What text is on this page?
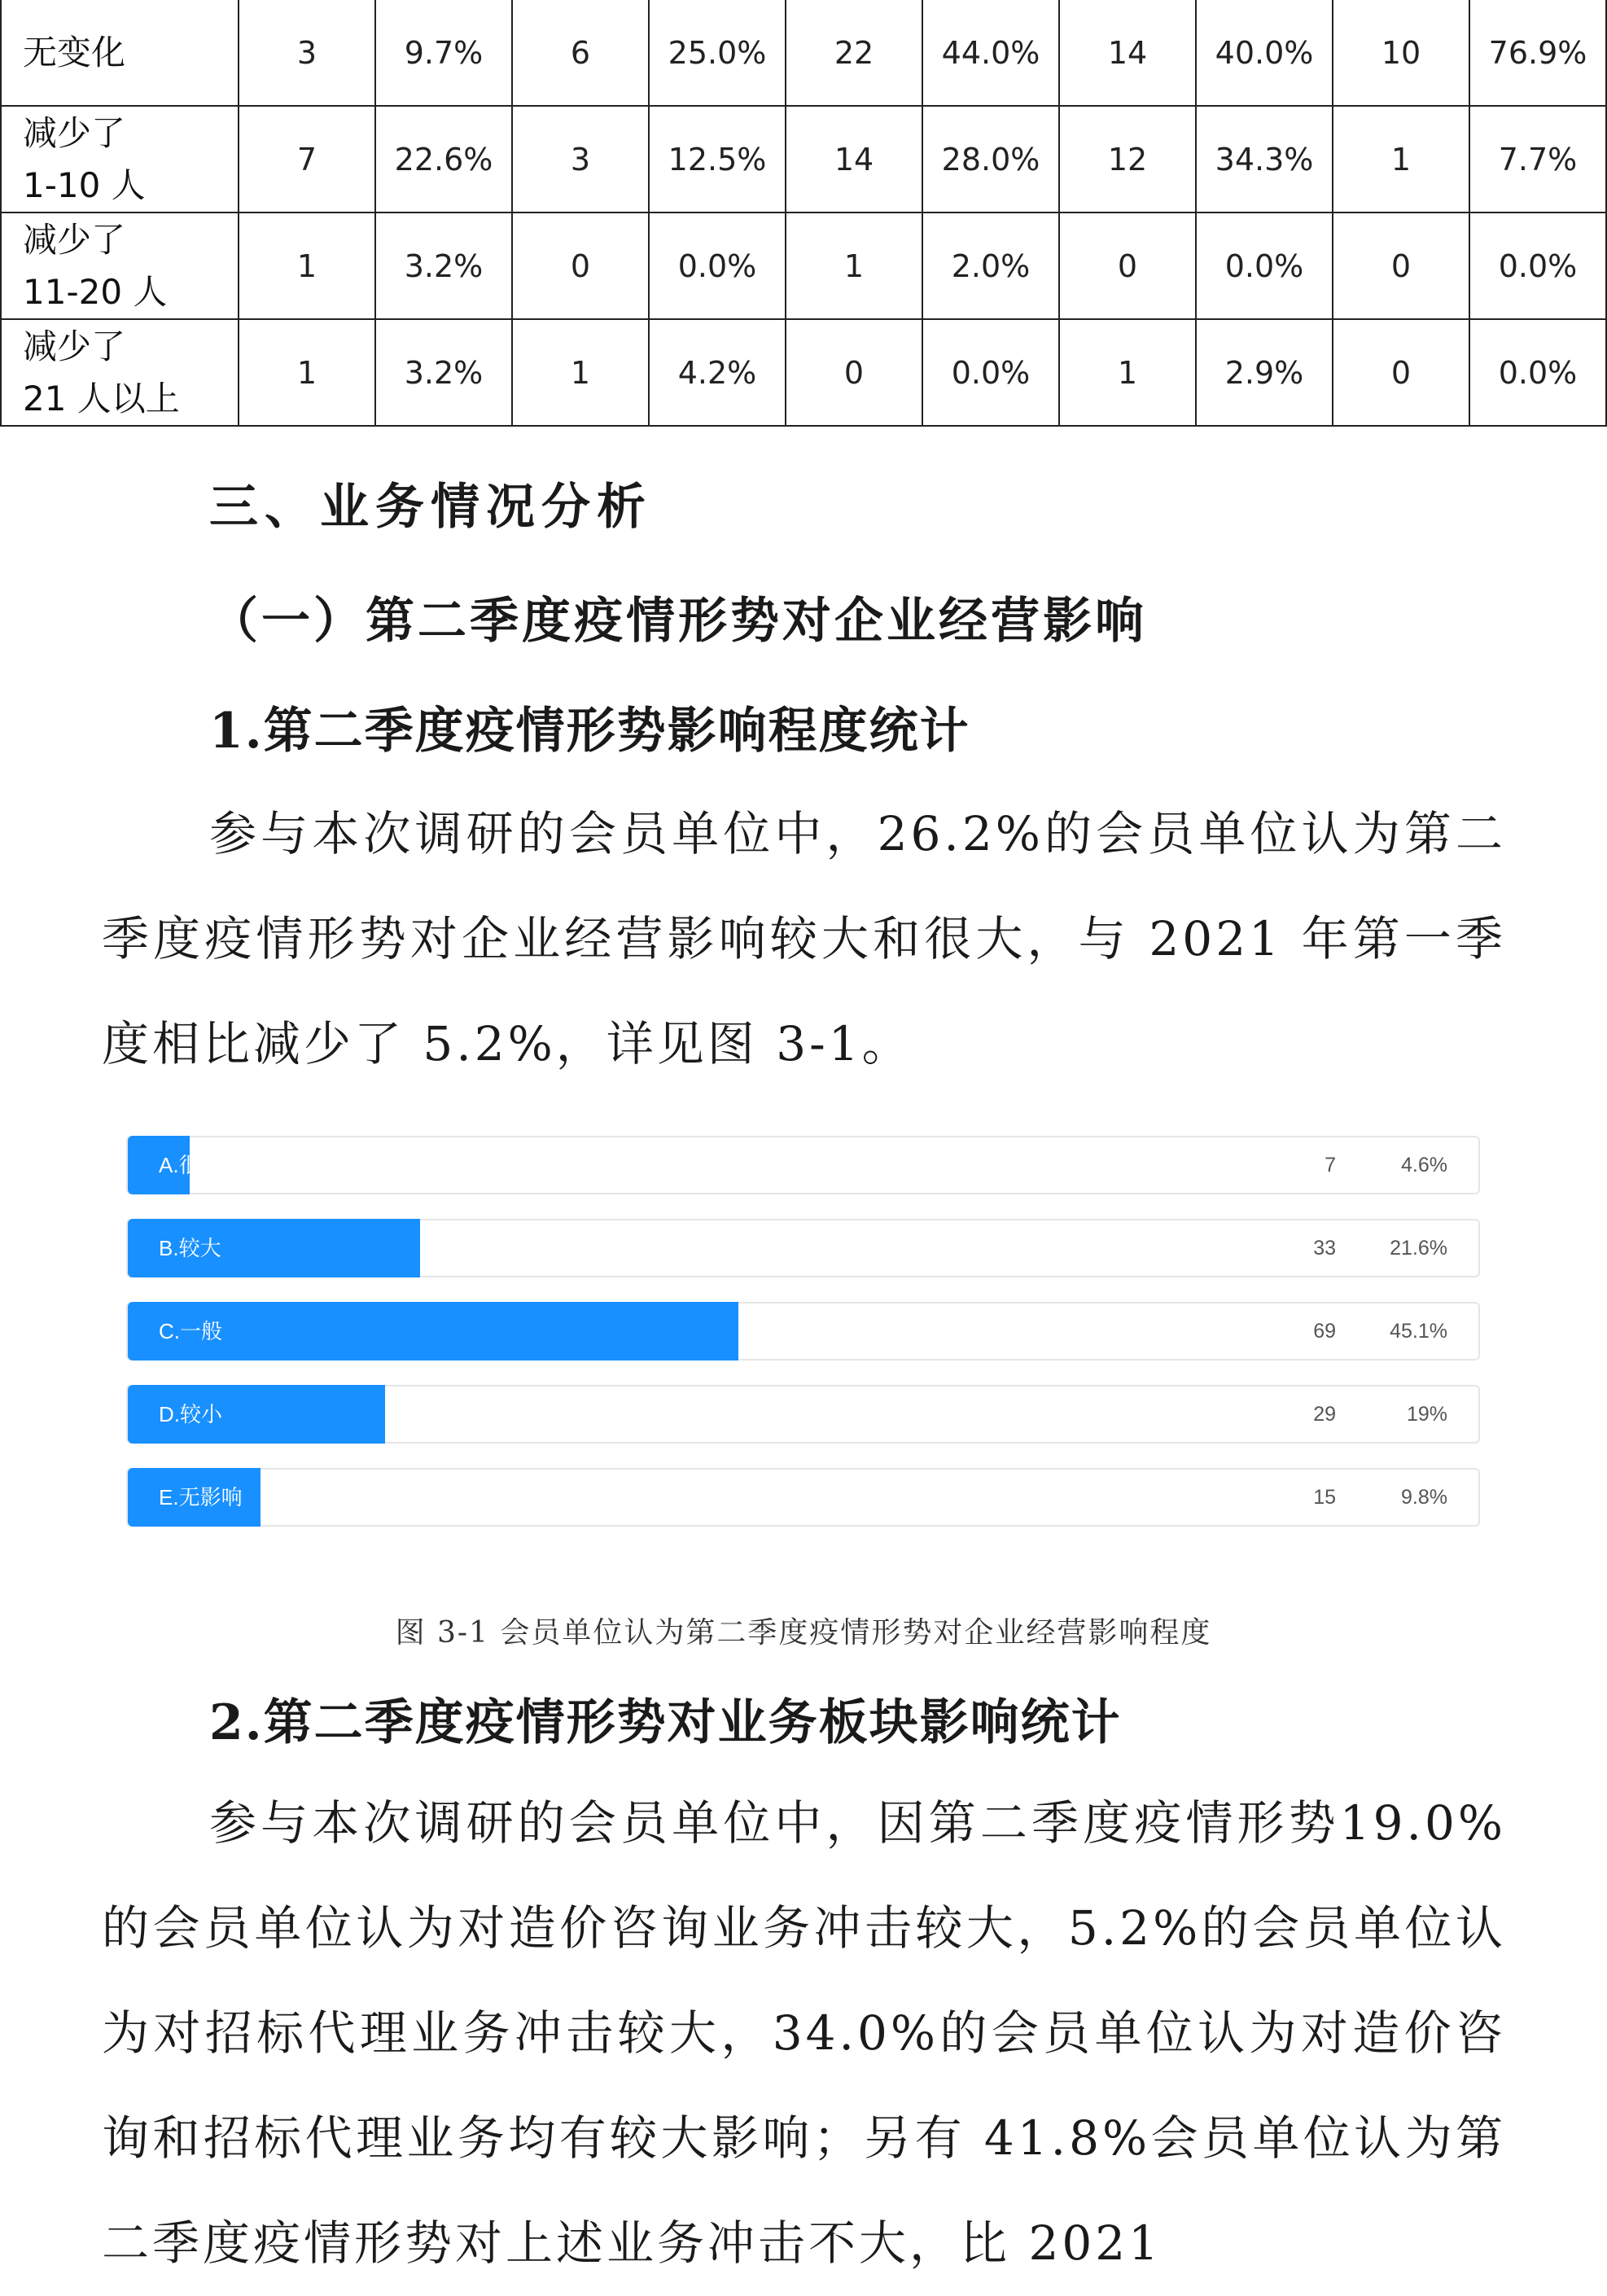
无变化	3	9.7%	6	25.0%	22	44.0%	14	40.0%	10	76.9%
减少了
1-10 人	7	22.6%	3	12.5%	14	28.0%	12	34.3%	1	7.7%
减少了
11-20 人	1	3.2%	0	0.0%	1	2.0%	0	0.0%	0	0.0%
减少了
21 人以上	1	3.2%	1	4.2%	0	0.0%	1	2.9%	0	0.0%
三、业务情况分析
（一）第二季度疫情形势对企业经营影响
1.第二季度疫情形势影响程度统计

参与本次调研的会员单位中，26.2%的会员单位认为第二季度疫情形势对企业经营影响较大和很大，与 2021 年第一季度相比减少了 5.2%，详见图 3-1。

A.很大	7	4.6%
B.较大	33	21.6%
C.一般	69	45.1%
D.较小	29	19%
E.无影响	15	9.8%
图 3-1 会员单位认为第二季度疫情形势对企业经营影响程度
2.第二季度疫情形势对业务板块影响统计

参与本次调研的会员单位中，因第二季度疫情形势19.0%的会员单位认为对造价咨询业务冲击较大，5.2%的会员单位认为对招标代理业务冲击较大，34.0%的会员单位认为对造价咨询和招标代理业务均有较大影响；另有 41.8%会员单位认为第二季度疫情形势对上述业务冲击不大，比 2021
